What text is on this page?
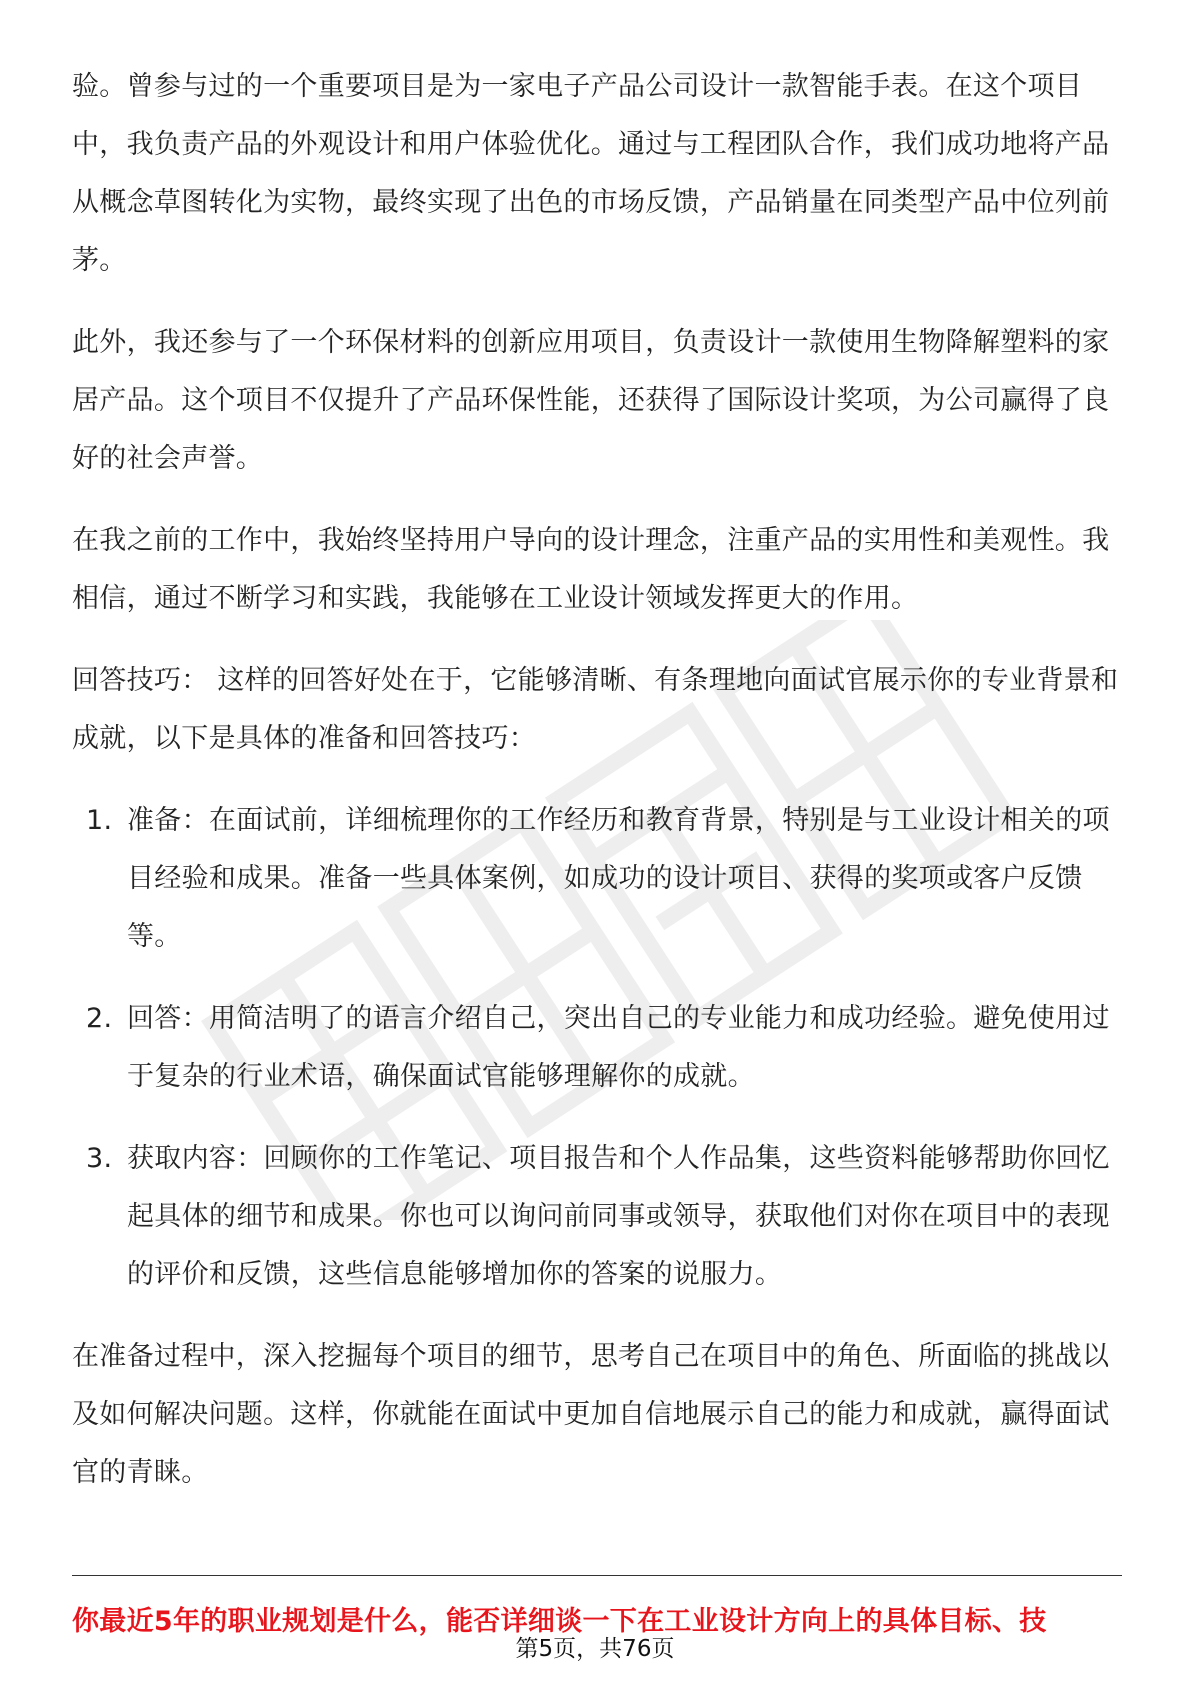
验。曾参与过的一个重要项目是为一家电子产品公司设计一款智能手表。在这个项目中，我负责产品的外观设计和用户体验优化。通过与工程团队合作，我们成功地将产品从概念草图转化为实物，最终实现了出色的市场反馈，产品销量在同类型产品中位列前茅。

此外，我还参与了一个环保材料的创新应用项目，负责设计一款使用生物降解塑料的家居产品。这个项目不仅提升了产品环保性能，还获得了国际设计奖项，为公司赢得了良好的社会声誉。

在我之前的工作中，我始终坚持用户导向的设计理念，注重产品的实用性和美观性。我相信，通过不断学习和实践，我能够在工业设计领域发挥更大的作用。

回答技巧： 这样的回答好处在于，它能够清晰、有条理地向面试官展示你的专业背景和成就，以下是具体的准备和回答技巧：

1. 准备：在面试前，详细梳理你的工作经历和教育背景，特别是与工业设计相关的项目经验和成果。准备一些具体案例，如成功的设计项目、获得的奖项或客户反馈等。
2. 回答：用简洁明了的语言介绍自己，突出自己的专业能力和成功经验。避免使用过于复杂的行业术语，确保面试官能够理解你的成就。
3. 获取内容：回顾你的工作笔记、项目报告和个人作品集，这些资料能够帮助你回忆起具体的细节和成果。你也可以询问前同事或领导，获取他们对你在项目中的表现的评价和反馈，这些信息能够增加你的答案的说服力。

在准备过程中，深入挖掘每个项目的细节，思考自己在项目中的角色、所面临的挑战以及如何解决问题。这样，你就能在面试中更加自信地展示自己的能力和成就，赢得面试官的青睐。

你最近5年的职业规划是什么，能否详细谈一下在工业设计方向上的具体目标、技
第5页，共76页
